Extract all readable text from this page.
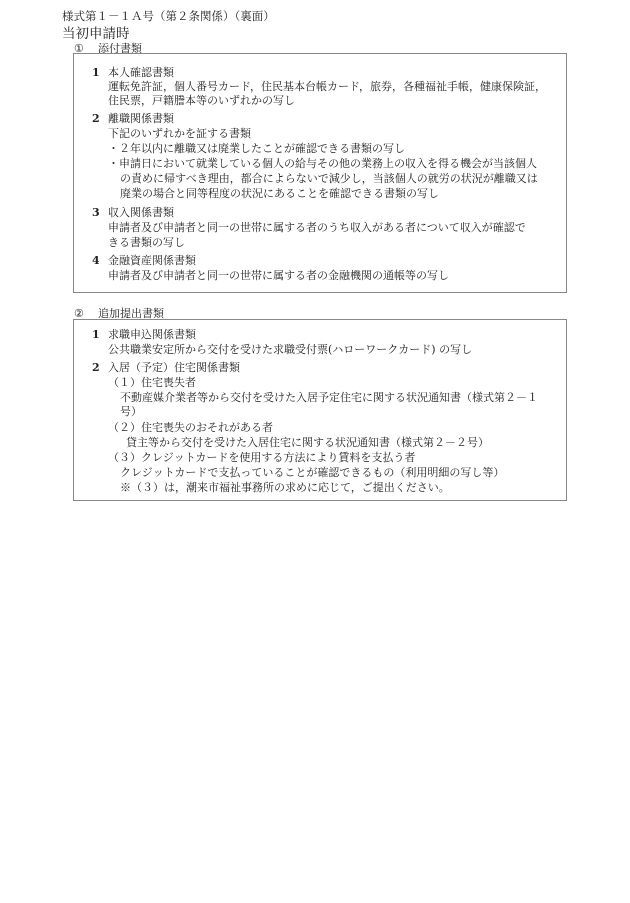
様式第１－１Ａ号（第２条関係）（裏面）
当初申請時
① 添付書類
1 本人確認書類
運転免許証，個人番号カード，住民基本台帳カード，旅券，各種福祉手帳，健康保険証，
住民票，戸籍謄本等のいずれかの写し
2 離職関係書類
下記のいずれかを証する書類
・２年以内に離職又は廃業したことが確認できる書類の写し
・申請日において就業している個人の給与その他の業務上の収入を得る機会が当該個人
の責めに帰すべき理由，都合によらないで減少し，当該個人の就労の状況が離職又は
廃業の場合と同等程度の状況にあることを確認できる書類の写し
3 収入関係書類
申請者及び申請者と同一の世帯に属する者のうち収入がある者について収入が確認で
きる書類の写し
4 金融資産関係書類
申請者及び申請者と同一の世帯に属する者の金融機関の通帳等の写し
② 追加提出書類
1 求職申込関係書類
公共職業安定所から交付を受けた求職受付票(ハローワークカード) の写し
2 入居（予定）住宅関係書類
（１）住宅喪失者
不動産媒介業者等から交付を受けた入居予定住宅に関する状況通知書（様式第２－１
号）
（２）住宅喪失のおそれがある者
貸主等から交付を受けた入居住宅に関する状況通知書（様式第２－２号）
（３）クレジットカードを使用する方法により賃料を支払う者
クレジットカードで支払っていることが確認できるもの（利用明細の写し等）
※（３）は，潮来市福祉事務所の求めに応じて，ご提出ください。
